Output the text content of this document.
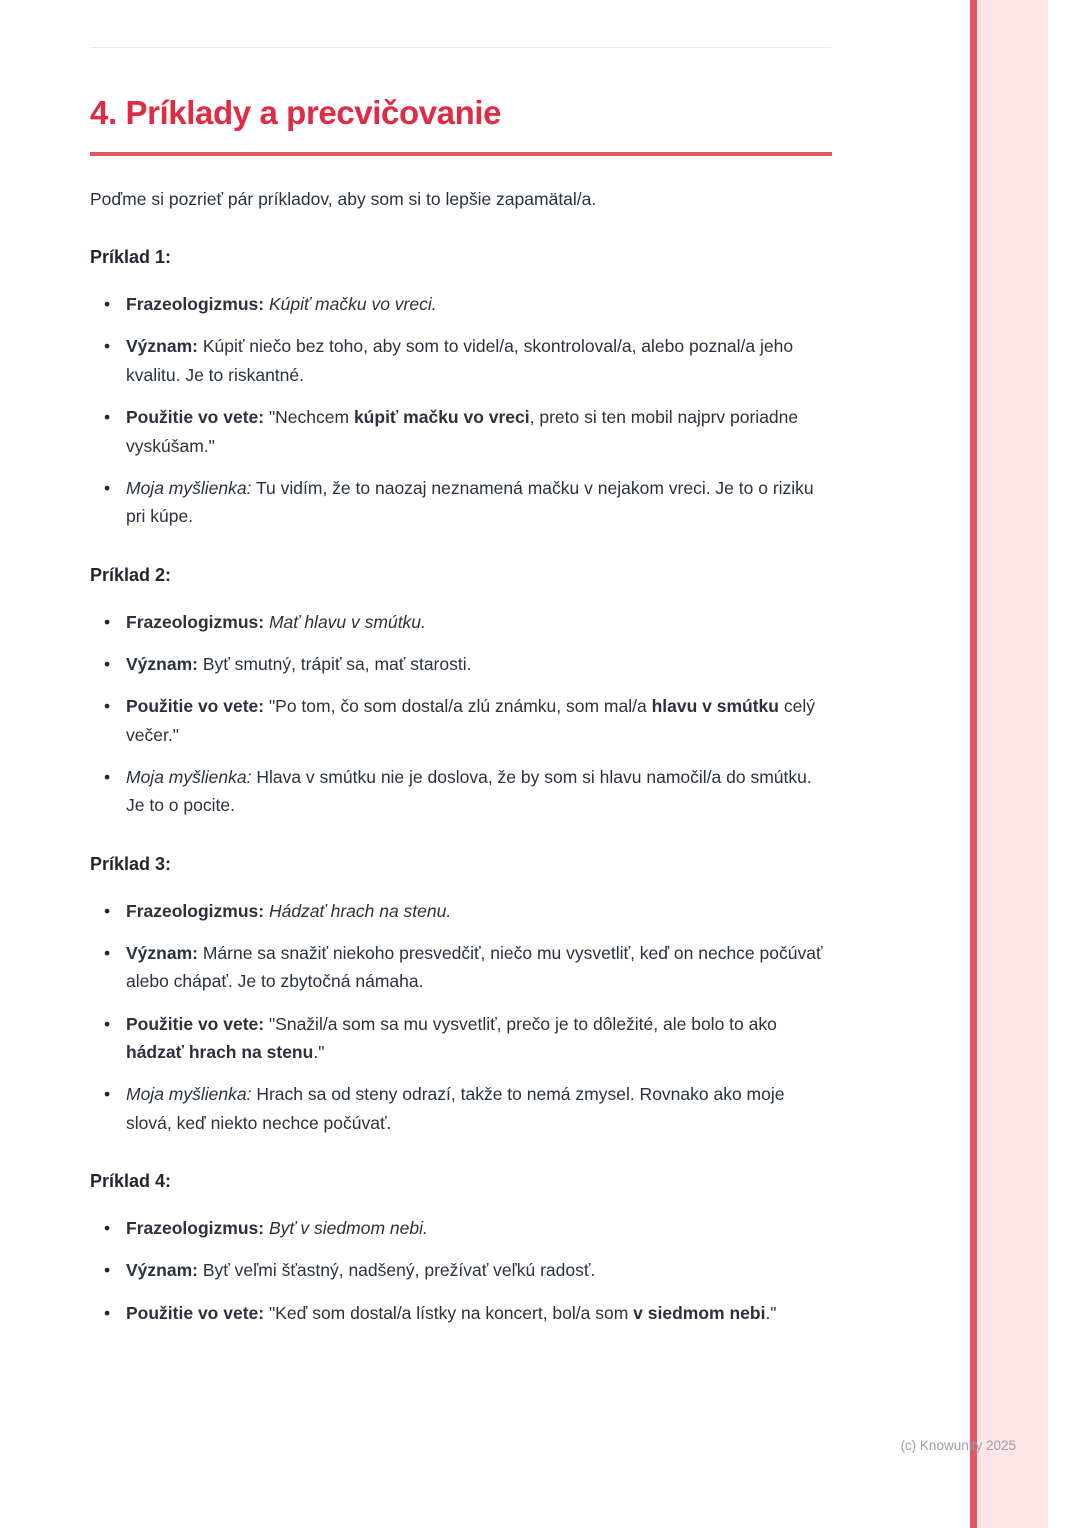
4. Príklady a precvičovanie

Poďme si pozrieť pár príkladov, aby som si to lepšie zapamätal/a.

Príklad 1:
• Frazeologizmus: Kúpiť mačku vo vreci.
• Význam: Kúpiť niečo bez toho, aby som to videl/a, skontroloval/a, alebo poznal/a jeho kvalitu. Je to riskantné.
• Použitie vo vete: "Nechcem kúpiť mačku vo vreci, preto si ten mobil najprv poriadne vyskúšam."
• Moja myšlienka: Tu vidím, že to naozaj neznamená mačku v nejakom vreci. Je to o riziku pri kúpe.
Príklad 2:
• Frazeologizmus: Mať hlavu v smútku.
• Význam: Byť smutný, trápiť sa, mať starosti.
• Použitie vo vete: "Po tom, čo som dostal/a zlú známku, som mal/a hlavu v smútku celý večer."
• Moja myšlienka: Hlava v smútku nie je doslova, že by som si hlavu namočil/a do smútku. Je to o pocite.
Príklad 3:
• Frazeologizmus: Hádzať hrach na stenu.
• Význam: Márne sa snažiť niekoho presvedčiť, niečo mu vysvetliť, keď on nechce počúvať alebo chápať. Je to zbytočná námaha.
• Použitie vo vete: "Snažil/a som sa mu vysvetliť, prečo je to dôležité, ale bolo to ako hádzať hrach na stenu."
• Moja myšlienka: Hrach sa od steny odrazí, takže to nemá zmysel. Rovnako ako moje slová, keď niekto nechce počúvať.
Príklad 4:
• Frazeologizmus: Byť v siedmom nebi.
• Význam: Byť veľmi šťastný, nadšený, prežívať veľkú radosť.
• Použitie vo vete: "Keď som dostal/a lístky na koncert, bol/a som v siedmom nebi."
(c) Knowunity 2025
